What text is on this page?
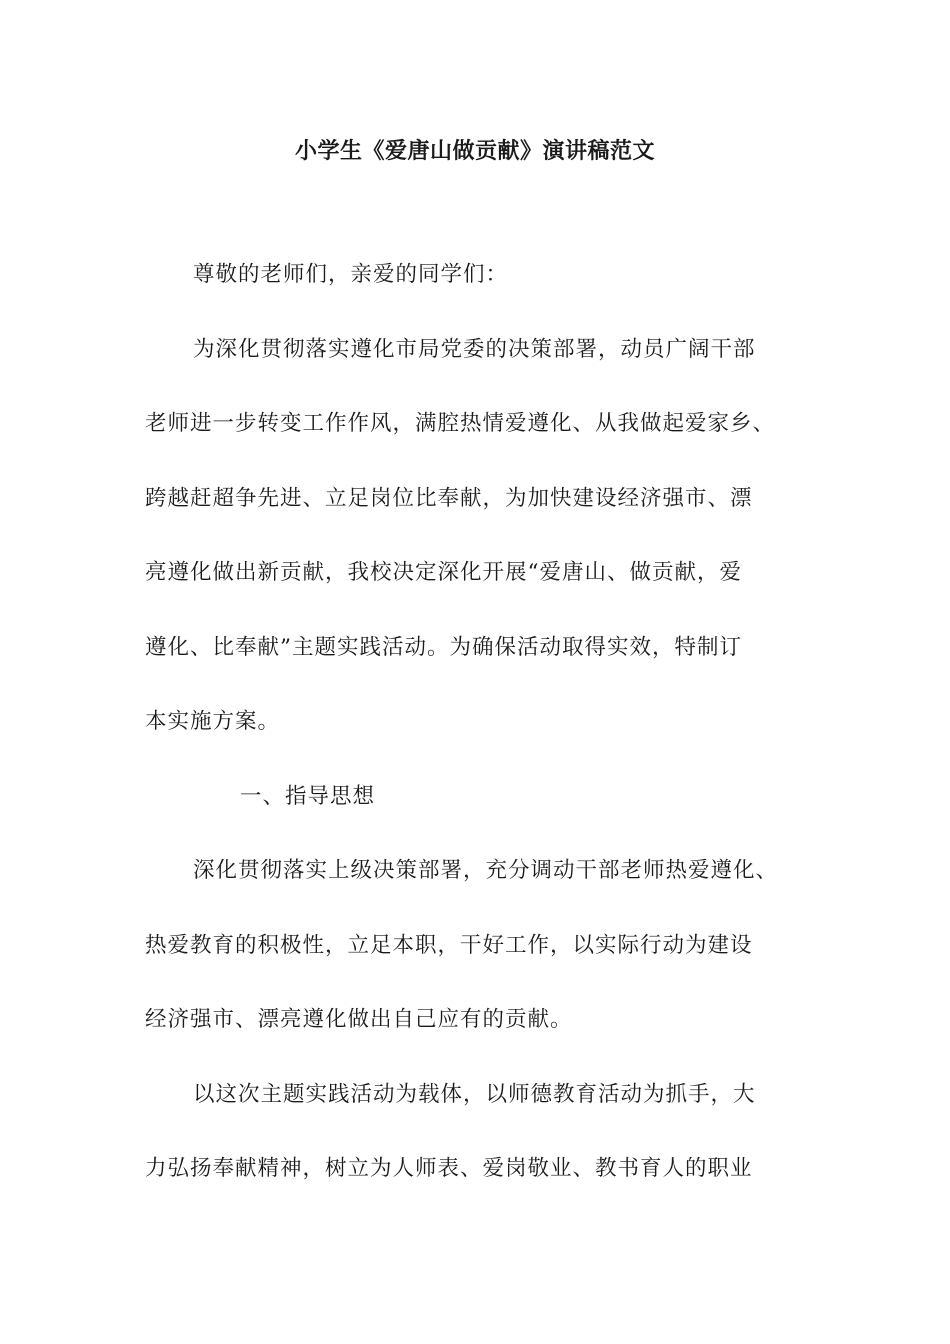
小学生《爱唐山做贡献》演讲稿范文
尊敬的老师们，亲爱的同学们：
为深化贯彻落实遵化市局党委的决策部署，动员广阔干部
老师进一步转变工作作风，满腔热情爱遵化、从我做起爱家乡、
跨越赶超争先进、立足岗位比奉献，为加快建设经济强市、漂
亮遵化做出新贡献，我校决定深化开展“爱唐山、做贡献，爱
遵化、比奉献”主题实践活动。为确保活动取得实效，特制订
本实施方案。
一、指导思想
深化贯彻落实上级决策部署，充分调动干部老师热爱遵化、
热爱教育的积极性，立足本职，干好工作，以实际行动为建设
经济强市、漂亮遵化做出自己应有的贡献。
以这次主题实践活动为载体，以师德教育活动为抓手，大
力弘扬奉献精神，树立为人师表、爱岗敬业、教书育人的职业
